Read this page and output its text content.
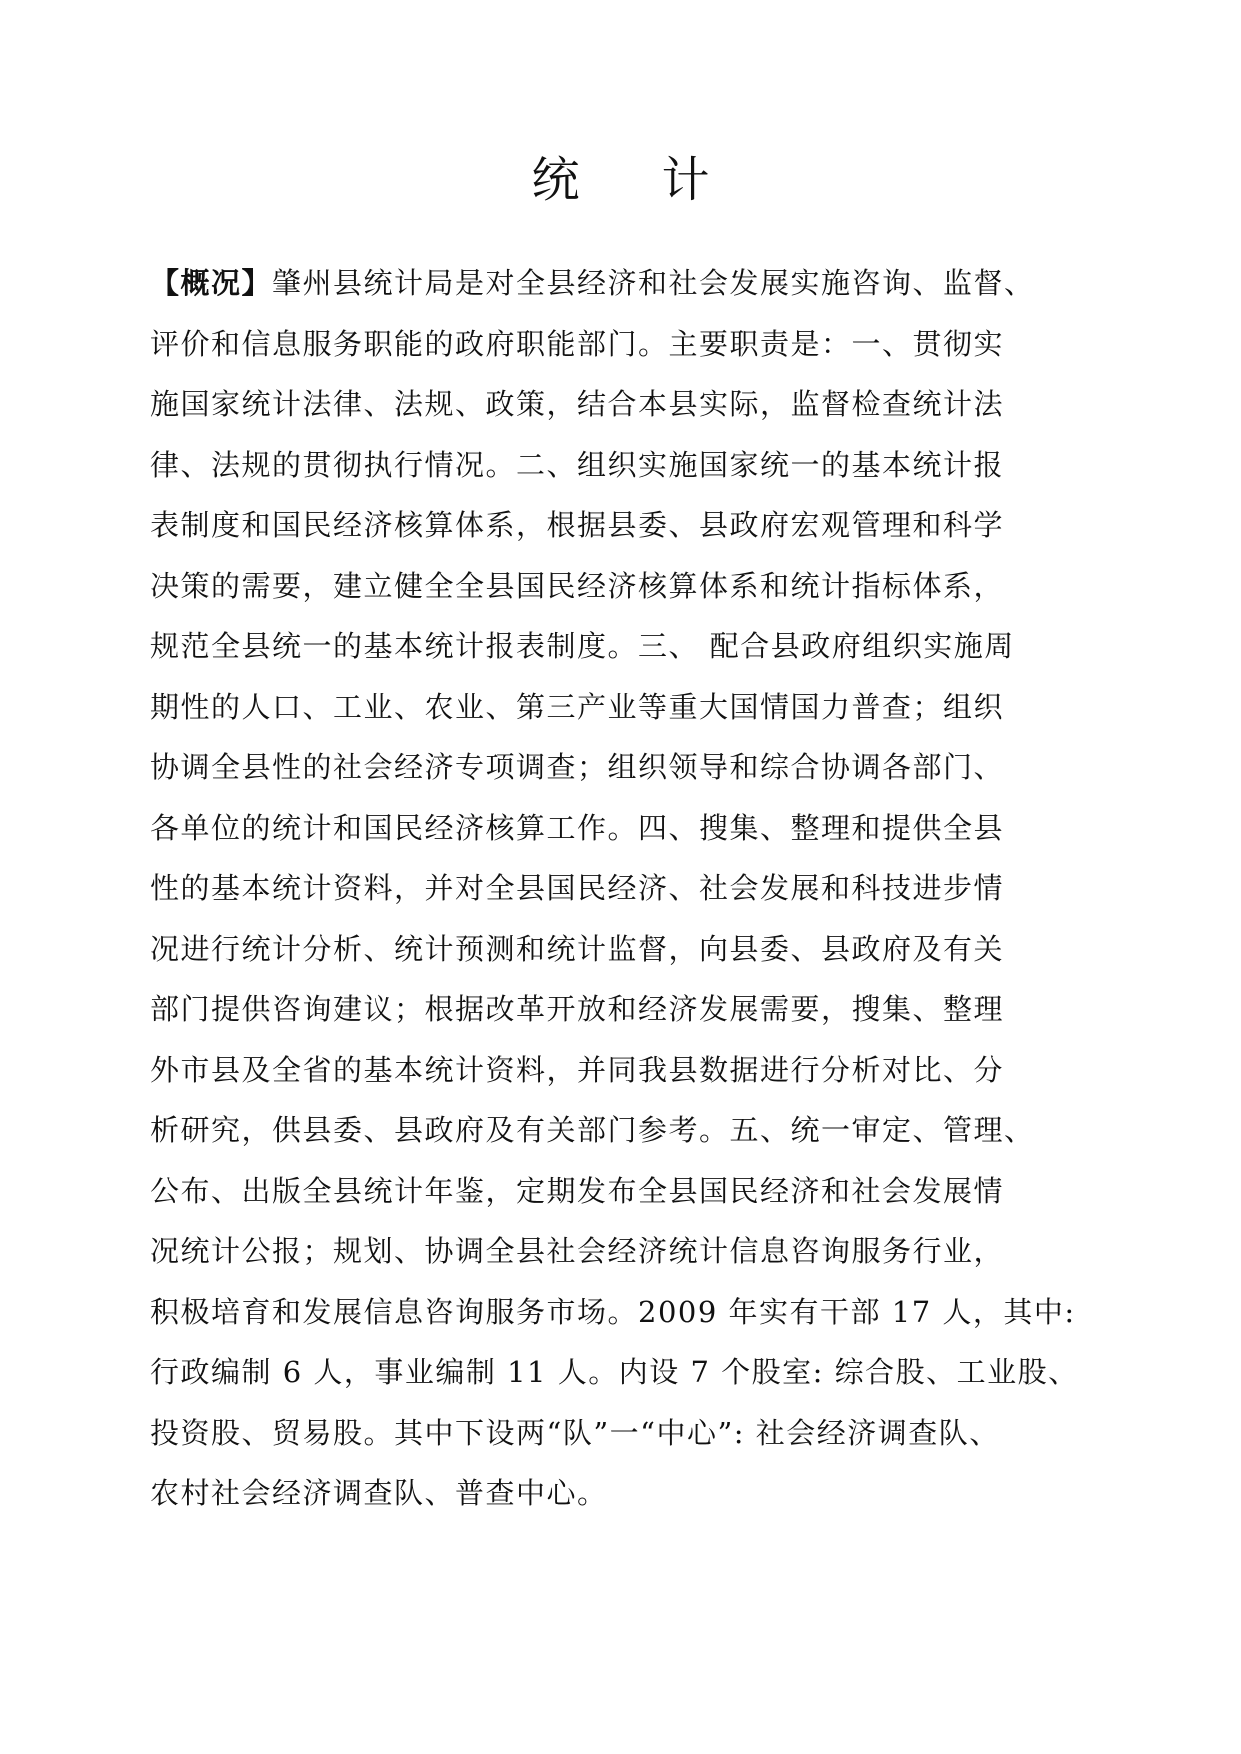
统计
【概况】肇州县统计局是对全县经济和社会发展实施咨询、监督、
评价和信息服务职能的政府职能部门。主要职责是：一、贯彻实
施国家统计法律、法规、政策，结合本县实际，监督检查统计法
律、法规的贯彻执行情况。二、组织实施国家统一的基本统计报
表制度和国民经济核算体系，根据县委、县政府宏观管理和科学
决策的需要，建立健全全县国民经济核算体系和统计指标体系，
规范全县统一的基本统计报表制度。三、 配合县政府组织实施周
期性的人口、工业、农业、第三产业等重大国情国力普查；组织
协调全县性的社会经济专项调查；组织领导和综合协调各部门、
各单位的统计和国民经济核算工作。四、搜集、整理和提供全县
性的基本统计资料，并对全县国民经济、社会发展和科技进步情
况进行统计分析、统计预测和统计监督，向县委、县政府及有关
部门提供咨询建议；根据改革开放和经济发展需要，搜集、整理
外市县及全省的基本统计资料，并同我县数据进行分析对比、分
析研究，供县委、县政府及有关部门参考。五、统一审定、管理、
公布、出版全县统计年鉴，定期发布全县国民经济和社会发展情
况统计公报；规划、协调全县社会经济统计信息咨询服务行业，
积极培育和发展信息咨询服务市场。2009 年实有干部 17 人，其中:
行政编制 6 人，事业编制 11 人。内设 7 个股室: 综合股、工业股、
投资股、贸易股。其中下设两“队”一“中心”: 社会经济调查队、
农村社会经济调查队、普查中心。
